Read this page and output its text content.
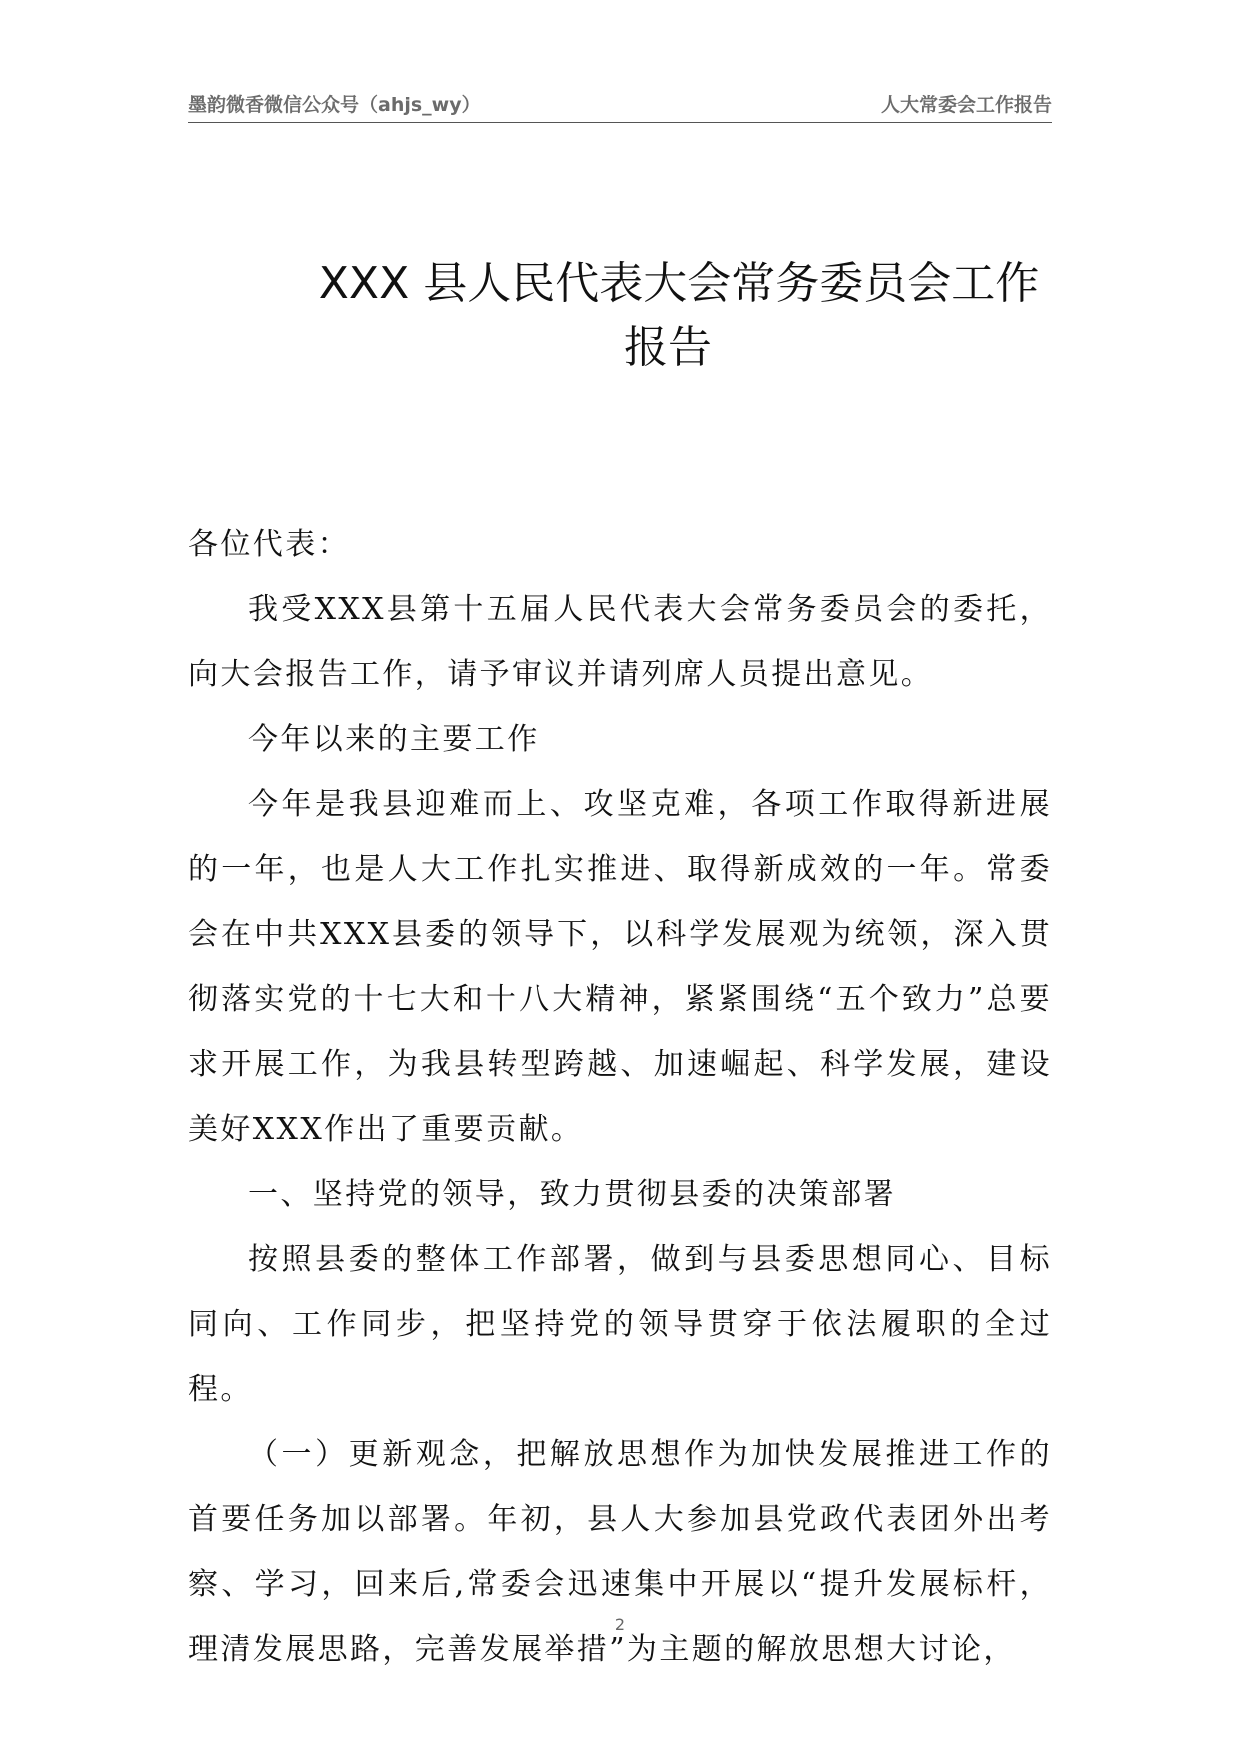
墨韵微香微信公众号（ahjs_wy）	人大常委会工作报告
XXX 县人民代表大会常务委员会工作
报告

各位代表：

我受XXX县第十五届人民代表大会常务委员会的委托，向大会报告工作，请予审议并请列席人员提出意见。

今年以来的主要工作

今年是我县迎难而上、攻坚克难，各项工作取得新进展的一年，也是人大工作扎实推进、取得新成效的一年。常委会在中共XXX县委的领导下，以科学发展观为统领，深入贯彻落实党的十七大和十八大精神，紧紧围绕“五个致力”总要求开展工作，为我县转型跨越、加速崛起、科学发展，建设美好XXX作出了重要贡献。

一、坚持党的领导，致力贯彻县委的决策部署

按照县委的整体工作部署，做到与县委思想同心、目标同向、工作同步，把坚持党的领导贯穿于依法履职的全过程。

（一）更新观念，把解放思想作为加快发展推进工作的首要任务加以部署。年初，县人大参加县党政代表团外出考察、学习，回来后,常委会迅速集中开展以“提升发展标杆，理清发展思路，完善发展举措”为主题的解放思想大讨论，

2
